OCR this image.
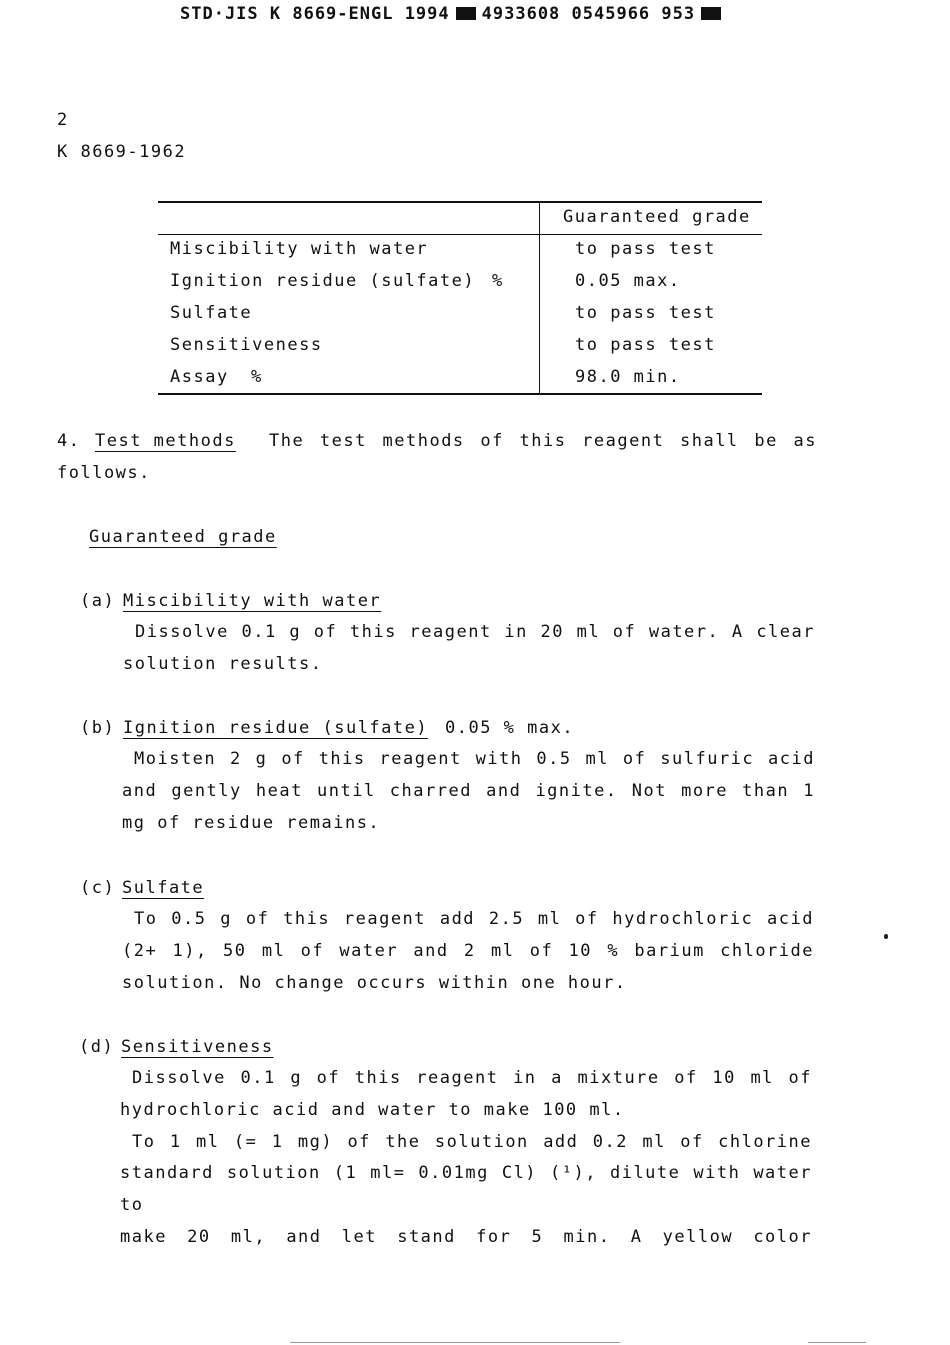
STD·JIS K 8669-ENGL 1994 4933608 0545966 953
2
K 8669-1962
Guaranteed grade
Miscibility with water	to pass test
Ignition residue (sulfate) %	0.05 max.
Sulfate	to pass test
Sensitiveness	to pass test
Assay %	98.0 min.
4. Test methods The test methods of this reagent shall be as
follows.
Guaranteed grade
(a) Miscibility with water
Dissolve 0.1 g of this reagent in 20 ml of water. A clear
solution results.
(b) Ignition residue (sulfate) 0.05 % max.
Moisten 2 g of this reagent with 0.5 ml of sulfuric acid
and gently heat until charred and ignite. Not more than 1
mg of residue remains.
(c) Sulfate
To 0.5 g of this reagent add 2.5 ml of hydrochloric acid
(2+ 1), 50 ml of water and 2 ml of 10 % barium chloride
solution. No change occurs within one hour.
(d) Sensitiveness
Dissolve 0.1 g of this reagent in a mixture of 10 ml of
hydrochloric acid and water to make 100 ml.
To 1 ml (= 1 mg) of the solution add 0.2 ml of chlorine
standard solution (1 ml= 0.01mg Cl) (¹), dilute with water to
make 20 ml, and let stand for 5 min. A yellow color
